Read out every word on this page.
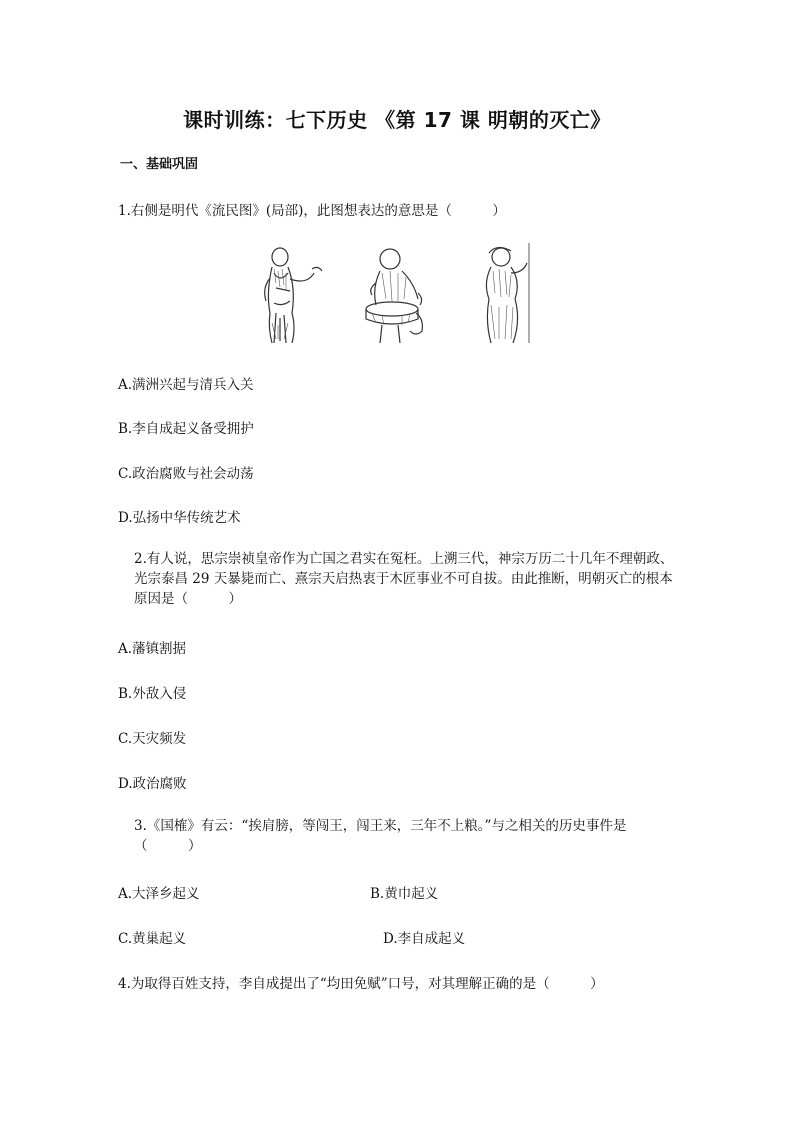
课时训练：七下历史 《第 17 课 明朝的灭亡》
一、基础巩固
1.右侧是明代《流民图》(局部)，此图想表达的意思是（　　　）
A.满洲兴起与清兵入关
B.李自成起义备受拥护
C.政治腐败与社会动荡
D.弘扬中华传统艺术
2.有人说，思宗崇祯皇帝作为亡国之君实在冤枉。上溯三代，神宗万历二十几年不理朝政、光宗泰昌 29 天暴毙而亡、熹宗天启热衷于木匠事业不可自拔。由此推断，明朝灭亡的根本原因是（　　　）
A.藩镇割据
B.外敌入侵
C.天灾频发
D.政治腐败
3.《国榷》有云：“挨肩膀，等闯王，闯王来，三年不上粮。”与之相关的历史事件是（　　　）
A.大泽乡起义	B.黄巾起义
C.黄巢起义	D.李自成起义
4.为取得百姓支持，李自成提出了“均田免赋”口号，对其理解正确的是（　　　）
